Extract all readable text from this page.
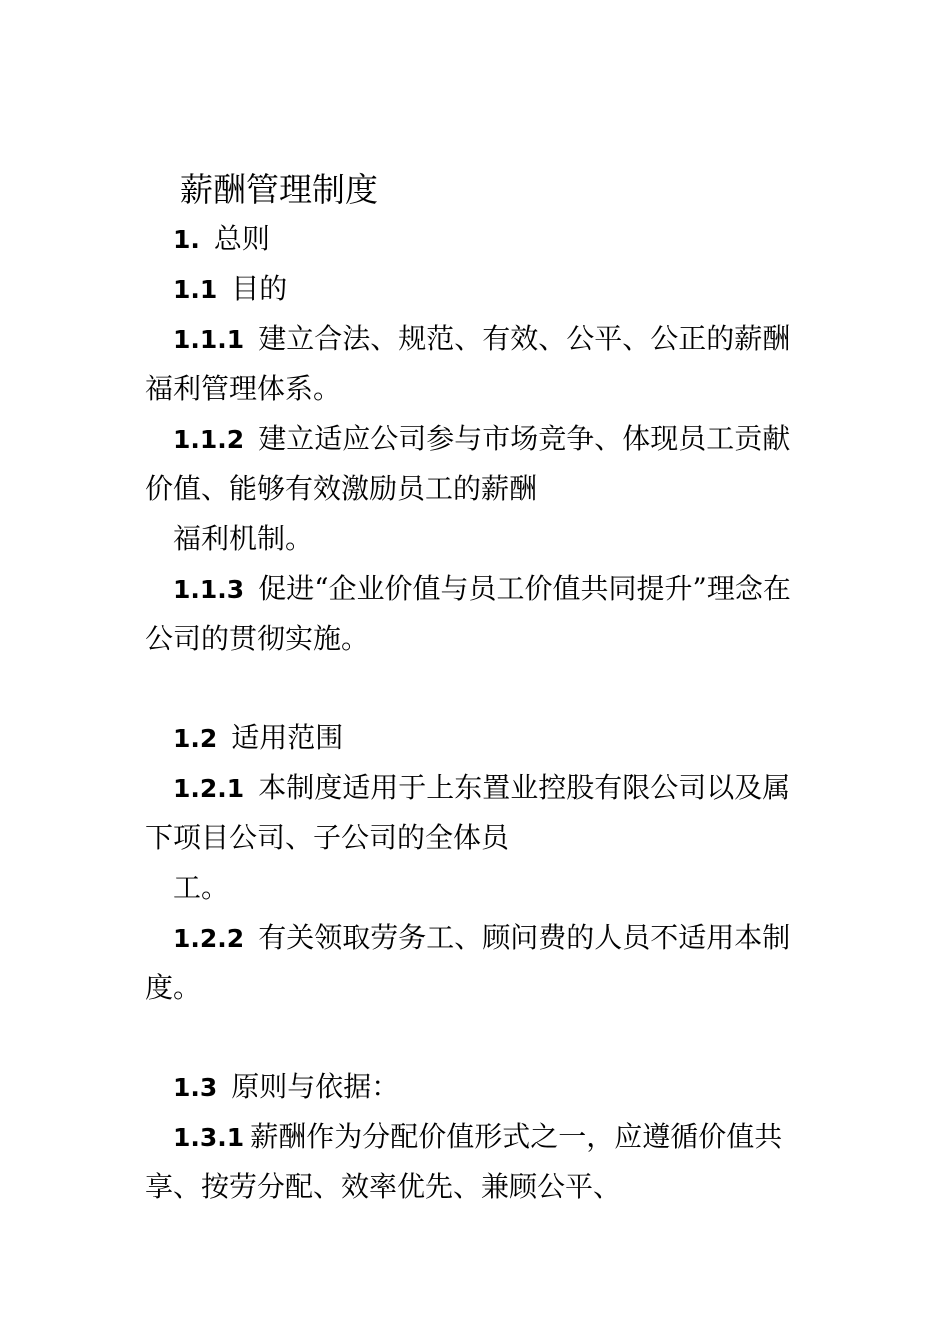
薪酬管理制度
1. 总则
1.1 目的
1.1.1 建立合法、规范、有效、公平、公正的薪酬
福利管理体系。
1.1.2 建立适应公司参与市场竞争、体现员工贡献
价值、能够有效激励员工的薪酬
福利机制。
1.1.3 促进“企业价值与员工价值共同提升”理念在
公司的贯彻实施。
1.2 适用范围
1.2.1 本制度适用于上东置业控股有限公司以及属
下项目公司、子公司的全体员
工。
1.2.2 有关领取劳务工、顾问费的人员不适用本制
度。
1.3 原则与依据：
1.3.1 薪酬作为分配价值形式之一，应遵循价值共
享、按劳分配、效率优先、兼顾公平、
